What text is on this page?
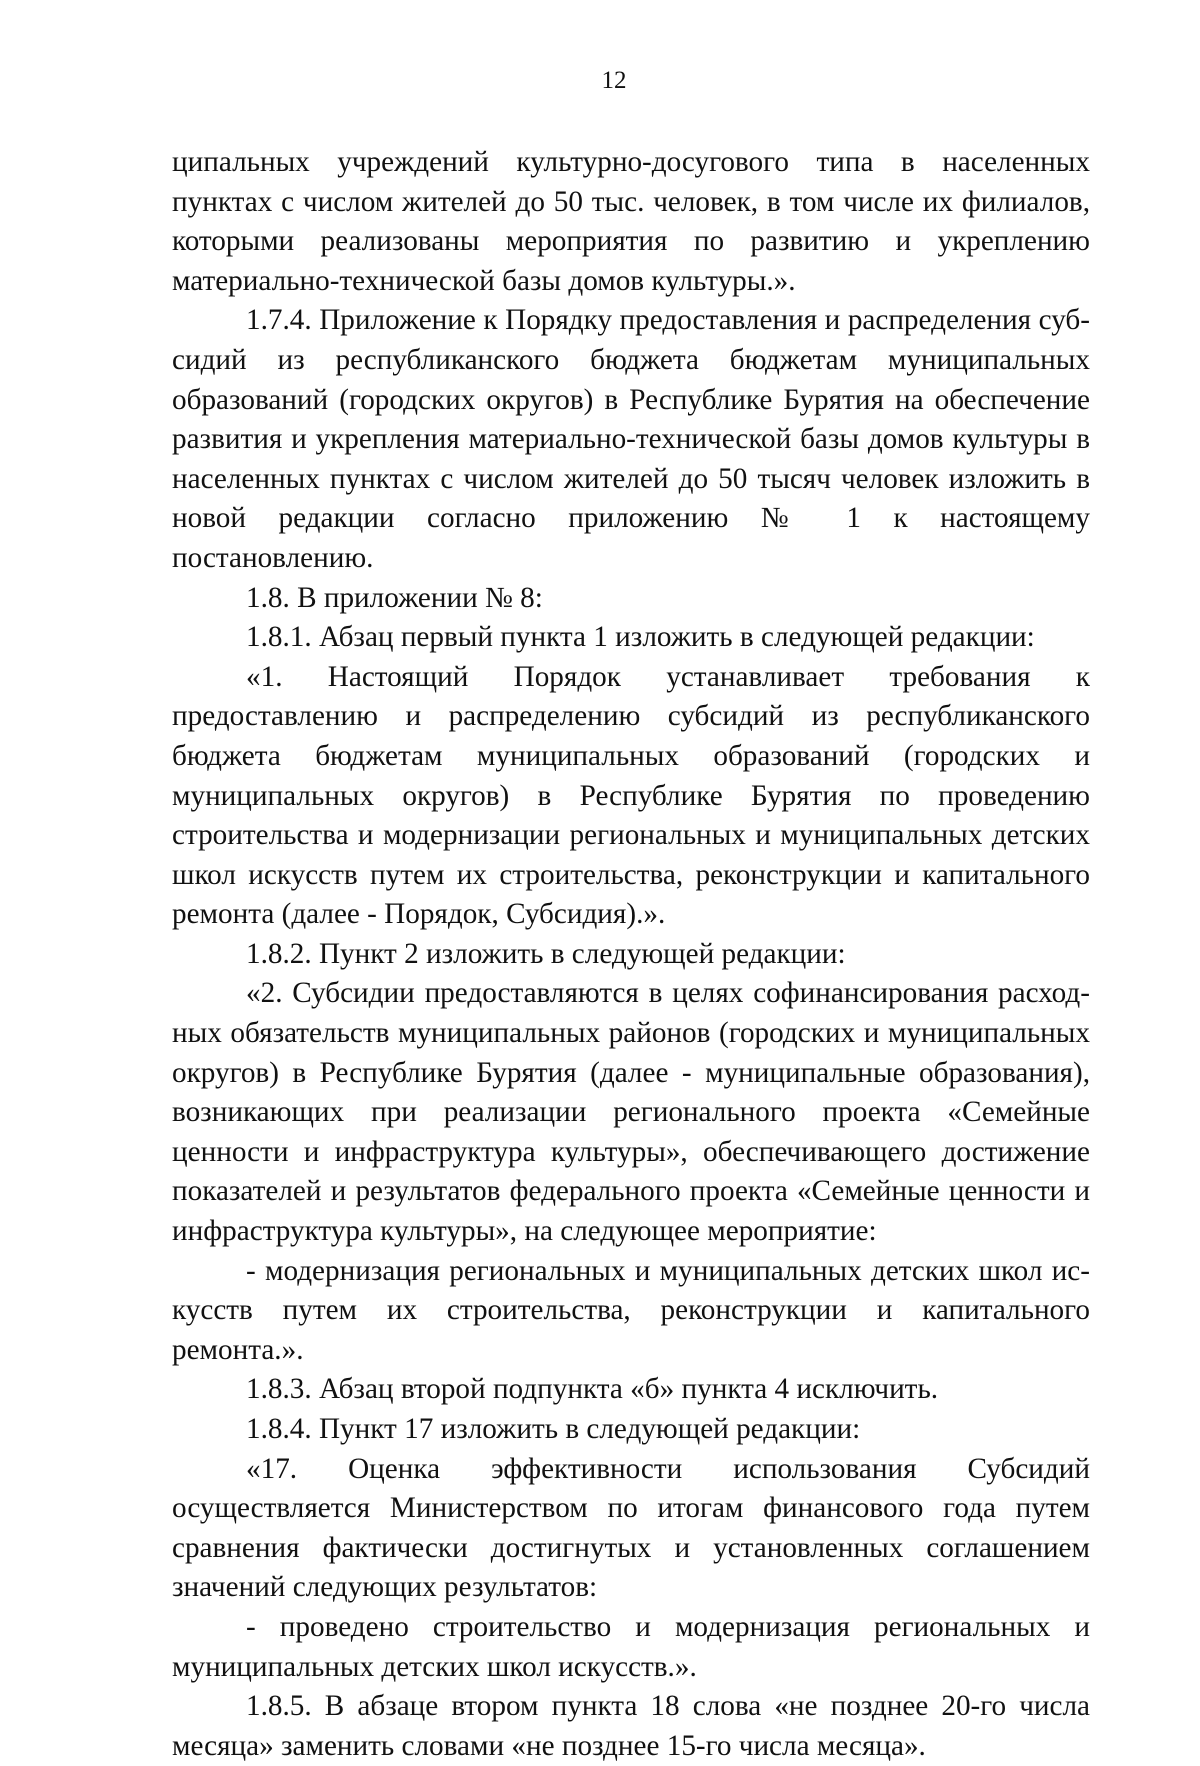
12

ципальных учреждений культурно-досугового типа в населенных пунктах с числом жителей до 50 тыс. человек, в том числе их филиалов, которыми реализованы мероприятия по развитию и укреплению материально-технической базы домов культуры.».

1.7.4. Приложение к Порядку предоставления и распределения субсидий из республиканского бюджета бюджетам муниципальных образований (городских округов) в Республике Бурятия на обеспечение развития и укрепления материально-технической базы домов культуры в населенных пунктах с числом жителей до 50 тысяч человек изложить в новой редакции согласно приложению № 1 к настоящему постановлению.

1.8. В приложении № 8:

1.8.1. Абзац первый пункта 1 изложить в следующей редакции:

«1. Настоящий Порядок устанавливает требования к предоставлению и распределению субсидий из республиканского бюджета бюджетам муниципальных образований (городских и муниципальных округов) в Республике Бурятия по проведению строительства и модернизации региональных и муниципальных детских школ искусств путем их строительства, реконструкции и капитального ремонта (далее - Порядок, Субсидия).».

1.8.2. Пункт 2 изложить в следующей редакции:

«2. Субсидии предоставляются в целях софинансирования расходных обязательств муниципальных районов (городских и муниципальных округов) в Республике Бурятия (далее - муниципальные образования), возникающих при реализации регионального проекта «Семейные ценности и инфраструктура культуры», обеспечивающего достижение показателей и результатов федерального проекта «Семейные ценности и инфраструктура культуры», на следующее мероприятие:

- модернизация региональных и муниципальных детских школ искусств путем их строительства, реконструкции и капитального ремонта.».

1.8.3. Абзац второй подпункта «б» пункта 4 исключить.

1.8.4. Пункт 17 изложить в следующей редакции:

«17. Оценка эффективности использования Субсидий осуществляется Министерством по итогам финансового года путем сравнения фактически достигнутых и установленных соглашением значений следующих результатов:

- проведено строительство и модернизация региональных и муниципальных детских школ искусств.».

1.8.5. В абзаце втором пункта 18 слова «не позднее 20-го числа месяца» заменить словами «не позднее 15-го числа месяца».
